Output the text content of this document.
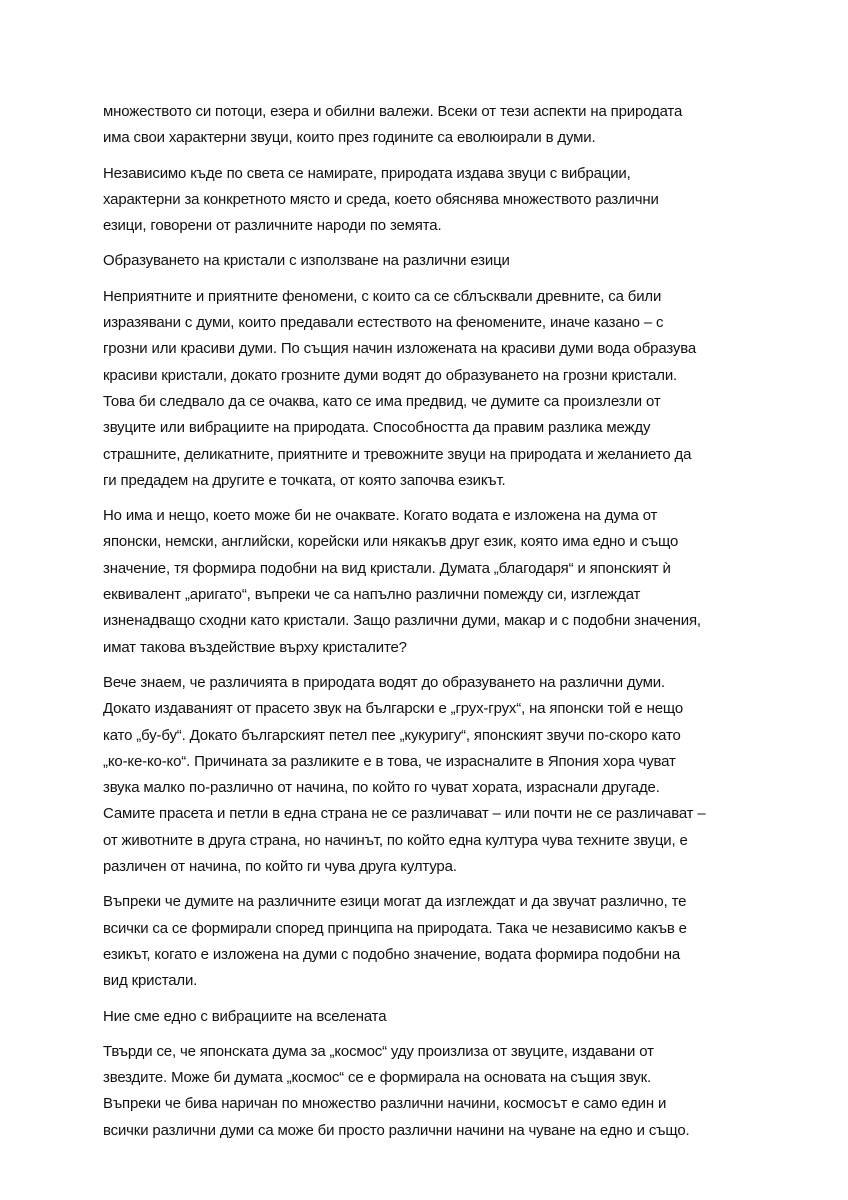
множеството си потоци, езера и обилни валежи. Всеки от тези аспекти на природата
има свои характерни звуци, които през годините са еволюирали в думи.

Независимо къде по света се намирате, природата издава звуци с вибрации,
характерни за конкретното място и среда, което обяснява множеството различни
езици, говорени от различните народи по земята.

Образуването на кристали с използване на различни езици

Неприятните и приятните феномени, с които са се сблъсквали древните, са били
изразявани с думи, които предавали естеството на феномените, иначе казано – с
грозни или красиви думи. По същия начин изложената на красиви думи вода образува
красиви кристали, докато грозните думи водят до образуването на грозни кристали.
Това би следвало да се очаква, като се има предвид, че думите са произлезли от
звуците или вибрациите на природата. Способността да правим разлика между
страшните, деликатните, приятните и тревожните звуци на природата и желанието да
ги предадем на другите е точката, от която започва езикът.

Но има и нещо, което може би не очаквате. Когато водата е изложена на дума от
японски, немски, английски, корейски или някакъв друг език, която има едно и също
значение, тя формира подобни на вид кристали. Думата „благодаря“ и японският ѝ
еквивалент „аригато“, въпреки че са напълно различни помежду си, изглеждат
изненадващо сходни като кристали. Защо различни думи, макар и с подобни значения,
имат такова въздействие върху кристалите?

Вече знаем, че различията в природата водят до образуването на различни думи.
Докато издаваният от прасето звук на български е „грух-грух“, на японски той е нещо
като „бу-бу“. Докато българският петел пее „кукуригу“, японският звучи по-скоро като
„ко-ке-ко-ко“. Причината за разликите е в това, че израсналите в Япония хора чуват
звука малко по-различно от начина, по който го чуват хората, израснали другаде.
Самите прасета и петли в една страна не се различават – или почти не се различават –
от животните в друга страна, но начинът, по който една култура чува техните звуци, е
различен от начина, по който ги чува друга култура.

Въпреки че думите на различните езици могат да изглеждат и да звучат различно, те
всички са се формирали според принципа на природата. Така че независимо какъв е
езикът, когато е изложена на думи с подобно значение, водата формира подобни на
вид кристали.

Ние сме едно с вибрациите на вселената

Твърди се, че японската дума за „космос“ уду произлиза от звуците, издавани от
звездите. Може би думата „космос“ се е формирала на основата на същия звук.
Въпреки че бива наричан по множество различни начини, космосът е само един и
всички различни думи са може би просто различни начини на чуване на едно и също.
